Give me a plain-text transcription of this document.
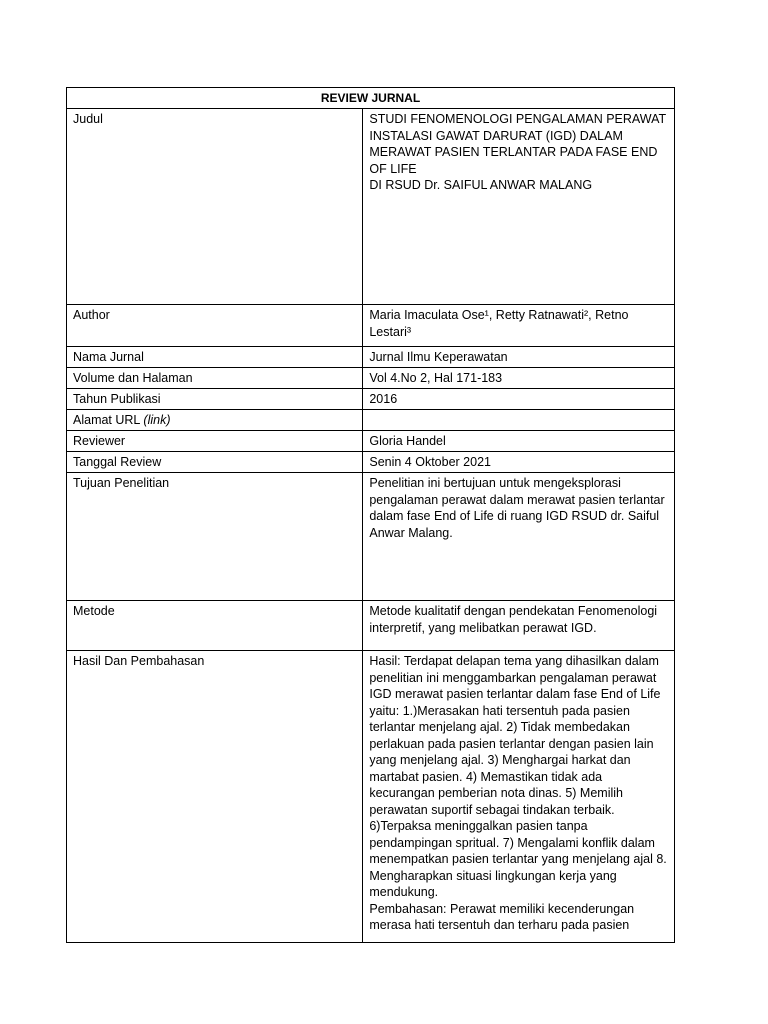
REVIEW JURNAL	
Judul	STUDI FENOMENOLOGI PENGALAMAN PERAWAT
INSTALASI GAWAT DARURAT (IGD) DALAM
MERAWAT PASIEN TERLANTAR PADA FASE END
OF LIFE
DI RSUD Dr. SAIFUL ANWAR MALANG
Author	Maria Imaculata Ose¹, Retty Ratnawati², Retno Lestari³
Nama Jurnal	Jurnal Ilmu Keperawatan
Volume dan Halaman	Vol 4.No 2, Hal 171-183
Tahun Publikasi	2016
Alamat URL (link)	
Reviewer	Gloria Handel
Tanggal Review	Senin 4 Oktober 2021
Tujuan Penelitian	Penelitian ini bertujuan untuk mengeksplorasi pengalaman perawat dalam merawat pasien terlantar dalam fase End of Life di ruang IGD RSUD dr. Saiful Anwar Malang.
Metode	Metode kualitatif dengan pendekatan Fenomenologi interpretif, yang melibatkan perawat IGD.
Hasil Dan Pembahasan	Hasil: Terdapat delapan tema yang dihasilkan dalam penelitian ini menggambarkan pengalaman perawat IGD merawat pasien terlantar dalam fase End of Life yaitu: 1.)Merasakan hati tersentuh pada pasien terlantar menjelang ajal. 2) Tidak membedakan perlakuan pada pasien terlantar dengan pasien lain yang menjelang ajal. 3) Menghargai harkat dan martabat pasien. 4) Memastikan tidak ada kecurangan pemberian nota dinas. 5) Memilih perawatan suportif sebagai tindakan terbaik. 6)Terpaksa meninggalkan pasien tanpa pendampingan spritual. 7) Mengalami konflik dalam menempatkan pasien terlantar yang menjelang ajal 8. Mengharapkan situasi lingkungan kerja yang mendukung.
Pembahasan: Perawat memiliki kecenderungan merasa hati tersentuh dan terharu pada pasien
